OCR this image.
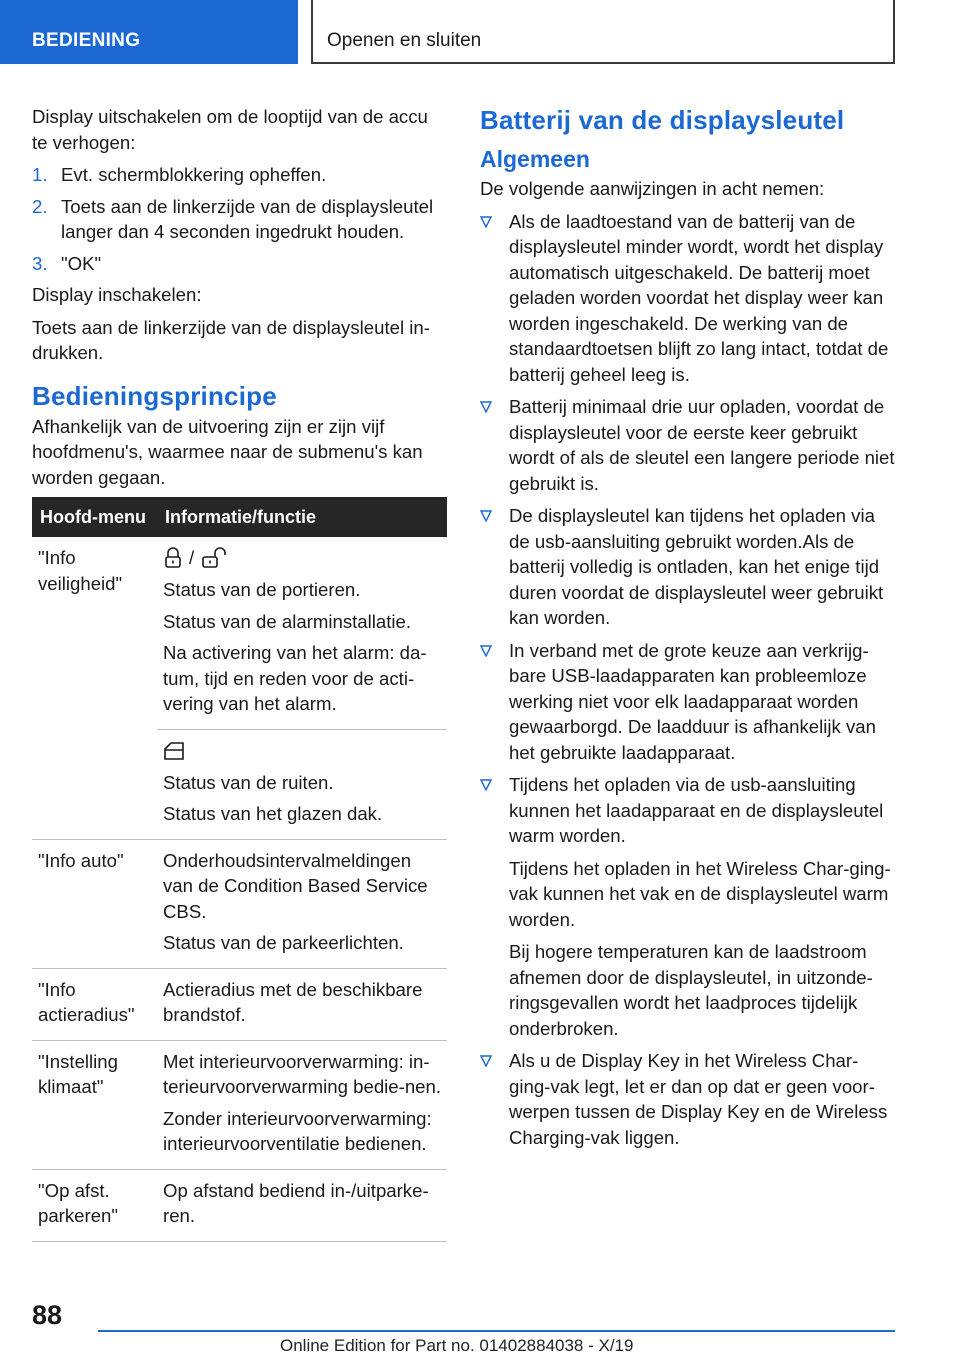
BEDIENING	Openen en sluiten

Display uitschakelen om de looptijd van de accu te verhogen:

1. Evt. schermblokkering opheffen.
2. Toets aan de linkerzijde van de displaysleutel langer dan 4 seconden ingedrukt houden.
3. "OK"

Display inschakelen:

Toets aan de linkerzijde van de displaysleutel in‐drukken.

Bedieningsprincipe

Afhankelijk van de uitvoering zijn er zijn vijf hoofdmenu's, waarmee naar de submenu's kan worden gegaan.

Hoofd‐menu	Informatie/functie
"Info veiligheid"	/

Status van de portieren.

Status van de alarminstallatie.

Na activering van het alarm: da‐tum, tijd en reden voor de acti‐vering van het alarm.

	Status van de ruiten.

Status van het glazen dak.

"Info auto"	Onderhoudsintervalmeldingen van de Condition Based Service CBS.

Status van de parkeerlichten.

"Info actieradius"	Actieradius met de beschikbare brandstof.

"Instelling klimaat"	Met interieurvoorverwarming: in‐terieurvoorverwarming bedie‐nen.

Zonder interieurvoorverwarming: interieurvoorventilatie bedienen.

"Op afst. parkeren"	Op afstand bediend in-/uitparke‐ren.

Batterij van de displaysleutel
Algemeen

De volgende aanwijzingen in acht nemen:

Als de laadtoestand van de batterij van de displaysleutel minder wordt, wordt het display automatisch uitgeschakeld. De batterij moet geladen worden voordat het display weer kan worden ingeschakeld. De werking van de standaardtoetsen blijft zo lang intact, totdat de batterij geheel leeg is.
Batterij minimaal drie uur opladen, voordat de displaysleutel voor de eerste keer gebruikt wordt of als de sleutel een langere periode niet gebruikt is.
De displaysleutel kan tijdens het opladen via de usb-aansluiting gebruikt worden.Als de batterij volledig is ontladen, kan het enige tijd duren voordat de displaysleutel weer gebruikt kan worden.
In verband met de grote keuze aan verkrijg‐bare USB-laadapparaten kan probleemloze werking niet voor elk laadapparaat worden gewaarborgd. De laadduur is afhankelijk van het gebruikte laadapparaat.
Tijdens het opladen via de usb-aansluiting kunnen het laadapparaat en de displaysleutel warm worden.

Tijdens het opladen in het Wireless Char‐ging-vak kunnen het vak en de displaysleutel warm worden.

Bij hogere temperaturen kan de laadstroom afnemen door de displaysleutel, in uitzonde‐ringsgevallen wordt het laadproces tijdelijk onderbroken.

Als u de Display Key in het Wireless Char‐ging-vak legt, let er dan op dat er geen voor‐werpen tussen de Display Key en de Wireless Charging-vak liggen.
88
Online Edition for Part no. 01402884038 - X/19
